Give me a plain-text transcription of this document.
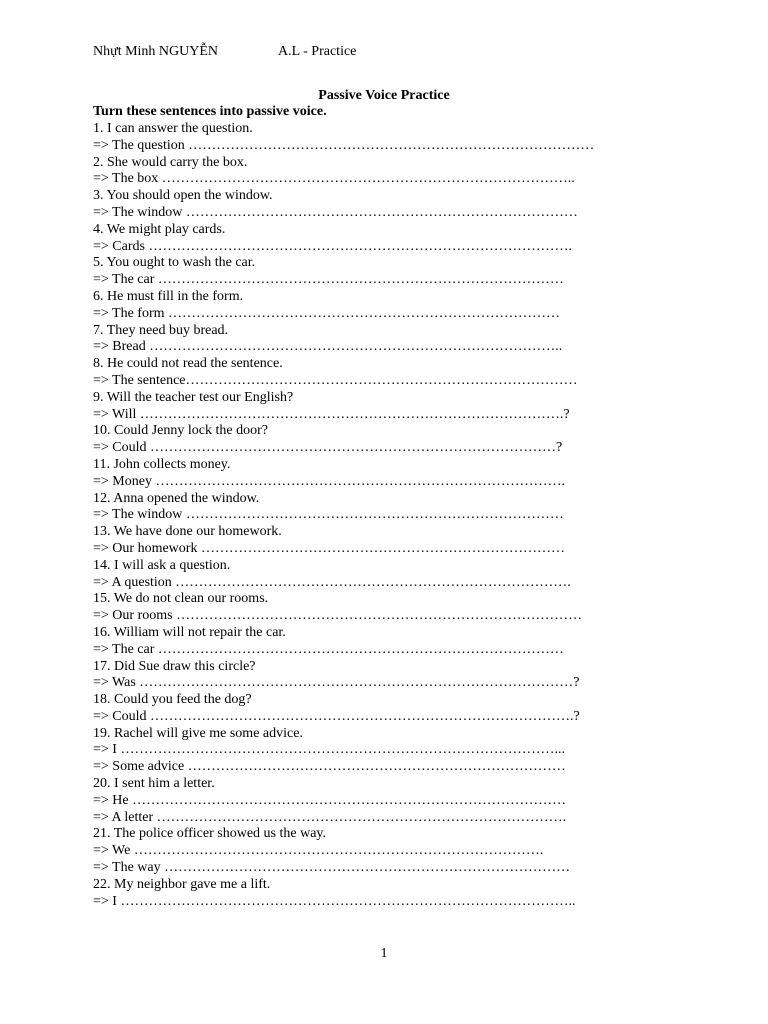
Nhựt Minh NGUYỄN	A.L - Practice
Passive Voice Practice
Turn these sentences into passive voice.
1. I can answer the question.
=> The question ……………………………………………………………………………
2. She would carry the box.
=> The box ……………………………………………………………………………..
3. You should open the window.
=> The window …………………………………………………………………………
4. We might play cards.
=> Cards ……………………………………………………………………………….
5. You ought to wash the car.
=> The car ……………………………………………………………………………
6. He must fill in the form.
=> The form …………………………………………………………………………
7. They need buy bread.
=> Bread ……………………………………………………………………………..
8. He could not read the sentence.
=> The sentence…………………………………………………………………………
9. Will the teacher test our English?
=> Will ……………………………………………………………………………….?
10. Could Jenny lock the door?
=> Could ……………………………………………………………………………?
11. John collects money.
=> Money …………………………………………………………………………….
12. Anna opened the window.
=> The window ………………………………………………………………………
13. We have done our homework.
=> Our homework ……………………………………………………………………
14. I will ask a question.
=> A question ………………………………………………………………………….
15. We do not clean our rooms.
=> Our rooms ……………………………………………………………………………
16. William will not repair the car.
=> The car ……………………………………………………………………………
17. Did Sue draw this circle?
=> Was …………………………………………………………………………………?
18. Could you feed the dog?
=> Could ……………………………………………………………………………….?
19. Rachel will give me some advice.
=> I …………………………………………………………………………………...
=> Some advice ………………………………………………………………………
20. I sent him a letter.
=> He …………………………………………………………………………………
=> A letter …………………………………………………………………………….
21. The police officer showed us the way.
=> We …………………………………………………………………………….
=> The way ……………………………………………………………………………
22. My neighbor gave me a lift.
=> I ……………………………………………………………………………………..
1
